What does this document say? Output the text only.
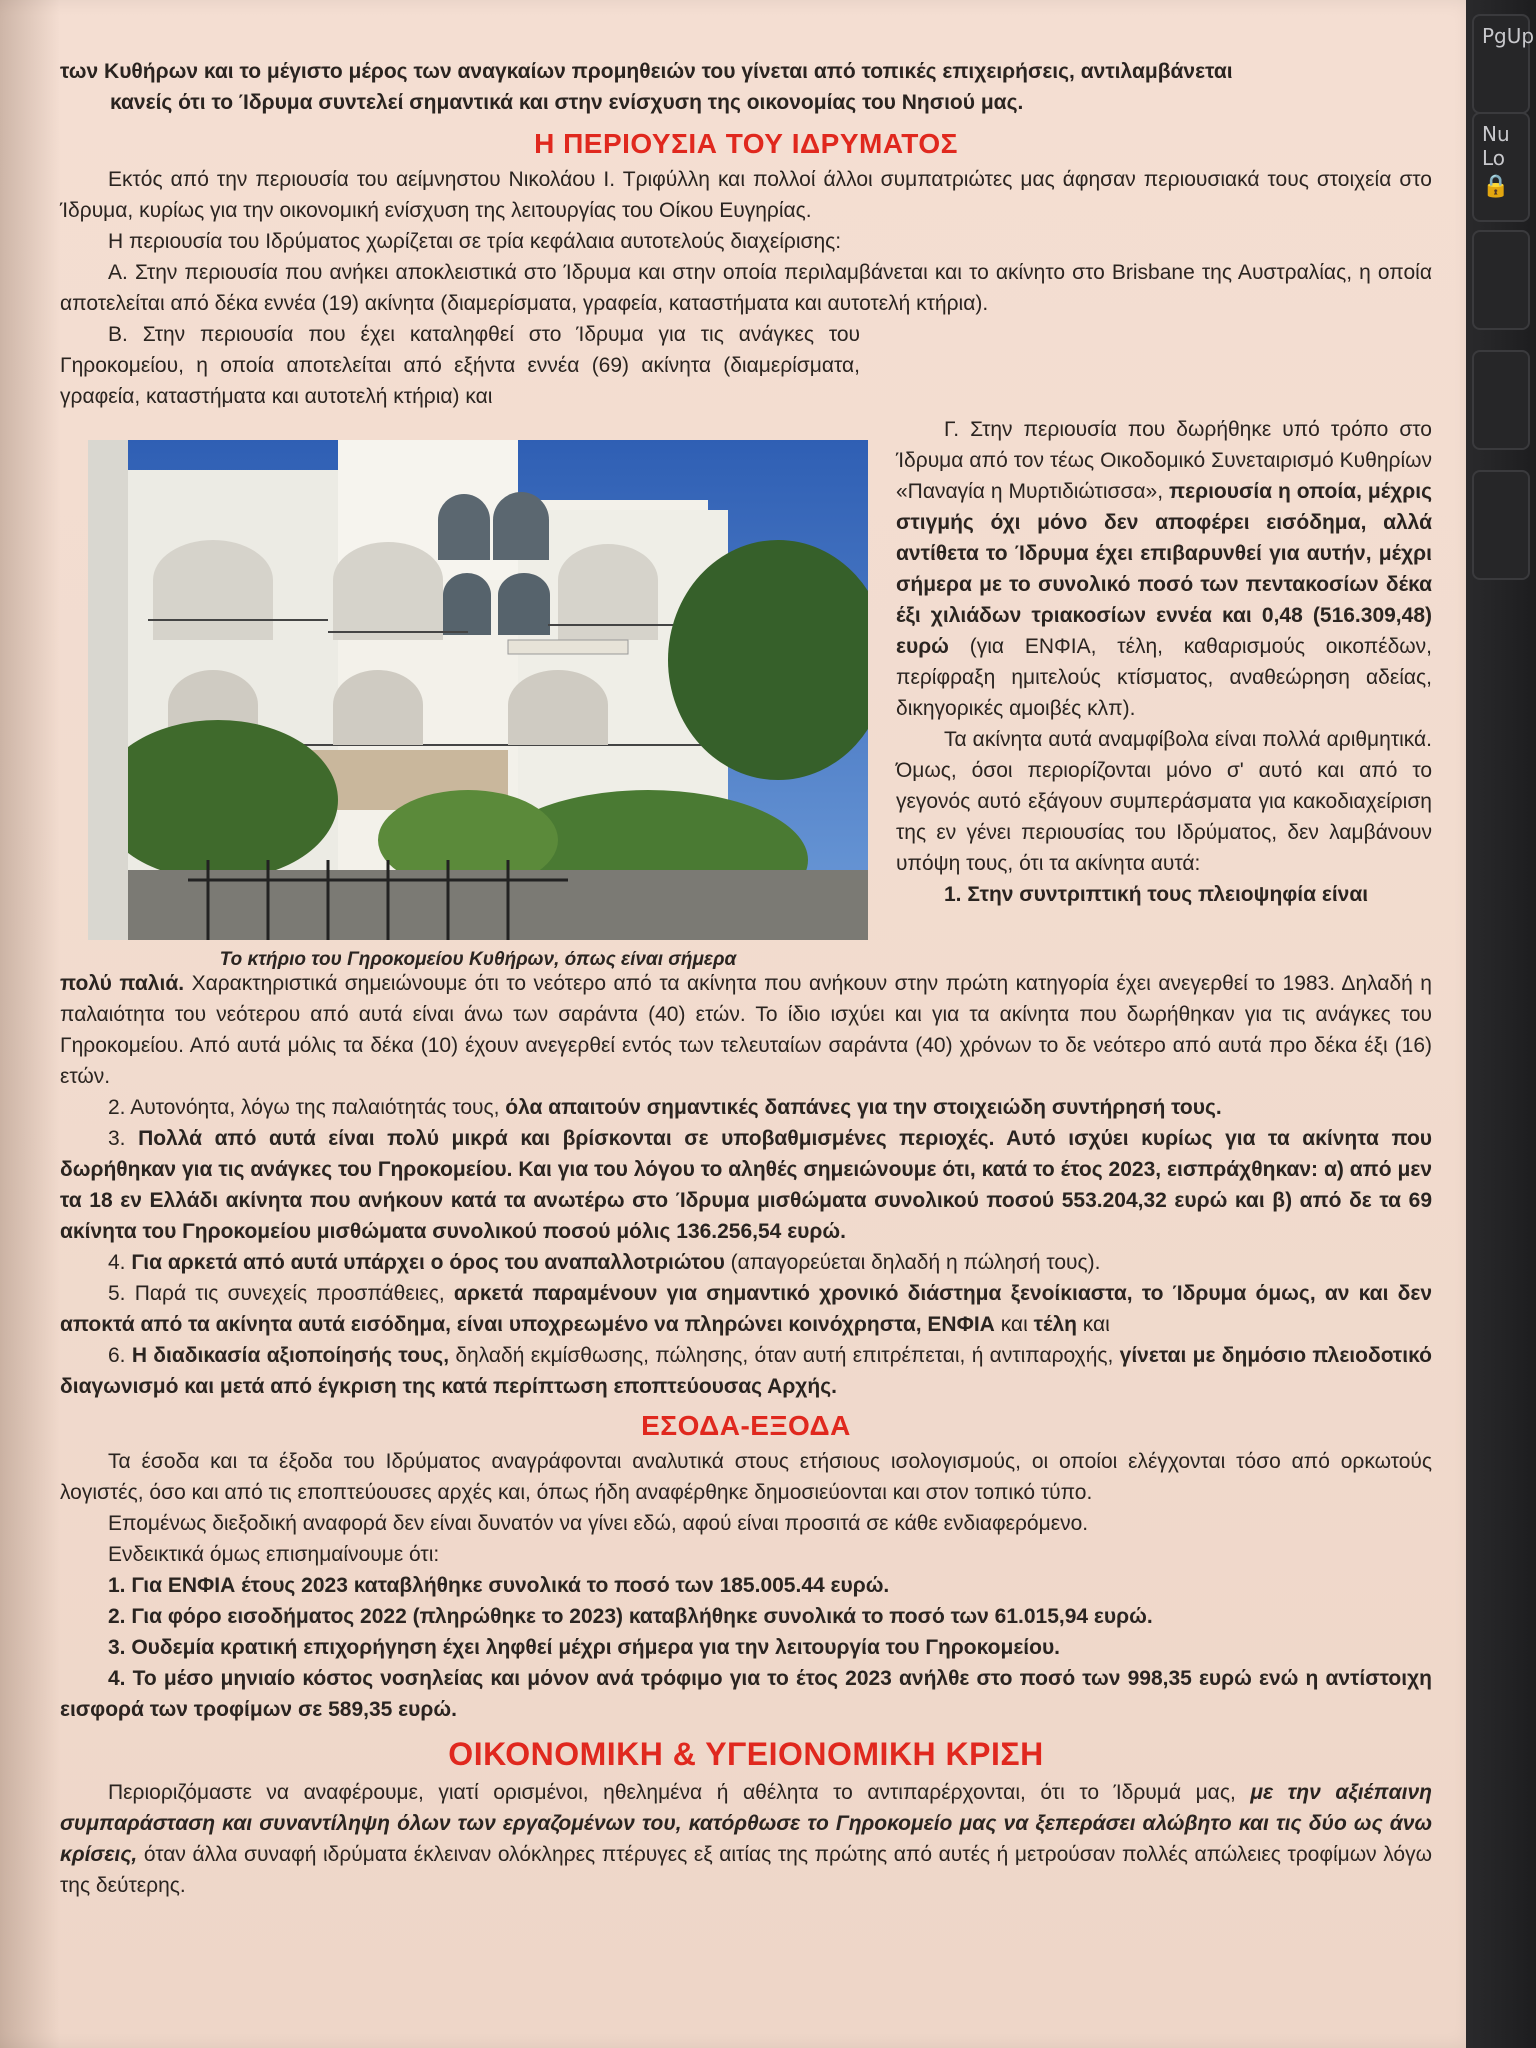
των Κυθήρων και το μέγιστο μέρος των αναγκαίων προμηθειών του γίνεται από τοπικές επιχειρήσεις, αντιλαμβάνεται

κανείς ότι το Ίδρυμα συντελεί σημαντικά και στην ενίσχυση της οικονομίας του Νησιού μας.

Η ΠΕΡΙΟΥΣΙΑ ΤΟΥ ΙΔΡΥΜΑΤΟΣ

Εκτός από την περιουσία του αείμνηστου Νικολάου Ι. Τριφύλλη και πολλοί άλλοι συμπατριώτες μας άφησαν περιουσιακά τους στοιχεία στο Ίδρυμα, κυρίως για την οικονομική ενίσχυση της λειτουργίας του Οίκου Ευγηρίας.

Η περιουσία του Ιδρύματος χωρίζεται σε τρία κεφάλαια αυτοτελούς διαχείρισης:

Α. Στην περιουσία που ανήκει αποκλειστικά στο Ίδρυμα και στην οποία περιλαμβάνεται και το ακίνητο στο Brisbane της Αυστραλίας, η οποία αποτελείται από δέκα εννέα (19) ακίνητα (διαμερίσματα, γραφεία, καταστήματα και αυτοτελή κτήρια).

Β. Στην περιουσία που έχει καταληφθεί στο Ίδρυμα για τις ανάγκες του Γηροκομείου, η οποία αποτελείται από εξήντα εννέα (69) ακίνητα (διαμερίσματα, γραφεία, καταστήματα και αυτοτελή κτήρια) και

Το κτήριο του Γηροκομείου Κυθήρων, όπως είναι σήμερα

Γ. Στην περιουσία που δωρήθηκε υπό τρόπο στο Ίδρυμα από τον τέως Οικοδομικό Συνεταιρισμό Κυθηρίων «Παναγία η Μυρτιδιώτισσα», περιουσία η οποία, μέχρις στιγμής όχι μόνο δεν αποφέρει εισόδημα, αλλά αντίθετα το Ίδρυμα έχει επιβαρυνθεί για αυτήν, μέχρι σήμερα με το συνολικό ποσό των πεντακοσίων δέκα έξι χιλιάδων τριακοσίων εννέα και 0,48 (516.309,48) ευρώ (για ΕΝΦΙΑ, τέλη, καθαρισμούς οικοπέδων, περίφραξη ημιτελούς κτίσματος, αναθεώρηση αδείας, δικηγορικές αμοιβές κλπ).

Τα ακίνητα αυτά αναμφίβολα είναι πολλά αριθμητικά. Όμως, όσοι περιορίζονται μόνο σ' αυτό και από το γεγονός αυτό εξάγουν συμπεράσματα για κακοδιαχείριση της εν γένει περιουσίας του Ιδρύματος, δεν λαμβάνουν υπόψη τους, ότι τα ακίνητα αυτά:

1. Στην συντριπτική τους πλειοψηφία είναι

πολύ παλιά. Χαρακτηριστικά σημειώνουμε ότι το νεότερο από τα ακίνητα που ανήκουν στην πρώτη κατηγορία έχει ανεγερθεί το 1983. Δηλαδή η παλαιότητα του νεότερου από αυτά είναι άνω των σαράντα (40) ετών. Το ίδιο ισχύει και για τα ακίνητα που δωρήθηκαν για τις ανάγκες του Γηροκομείου. Από αυτά μόλις τα δέκα (10) έχουν ανεγερθεί εντός των τελευταίων σαράντα (40) χρόνων το δε νεότερο από αυτά προ δέκα έξι (16) ετών.

2. Αυτονόητα, λόγω της παλαιότητάς τους, όλα απαιτούν σημαντικές δαπάνες για την στοιχειώδη συντήρησή τους.

3. Πολλά από αυτά είναι πολύ μικρά και βρίσκονται σε υποβαθμισμένες περιοχές. Αυτό ισχύει κυρίως για τα ακίνητα που δωρήθηκαν για τις ανάγκες του Γηροκομείου. Και για του λόγου το αληθές σημειώνουμε ότι, κατά το έτος 2023, εισπράχθηκαν: α) από μεν τα 18 εν Ελλάδι ακίνητα που ανήκουν κατά τα ανωτέρω στο Ίδρυμα μισθώματα συνολικού ποσού 553.204,32 ευρώ και β) από δε τα 69 ακίνητα του Γηροκομείου μισθώματα συνολικού ποσού μόλις 136.256,54 ευρώ.

4. Για αρκετά από αυτά υπάρχει ο όρος του αναπαλλοτριώτου (απαγορεύεται δηλαδή η πώλησή τους).

5. Παρά τις συνεχείς προσπάθειες, αρκετά παραμένουν για σημαντικό χρονικό διάστημα ξενοίκιαστα, το Ίδρυμα όμως, αν και δεν αποκτά από τα ακίνητα αυτά εισόδημα, είναι υποχρεωμένο να πληρώνει κοινόχρηστα, ΕΝΦΙΑ και τέλη και

6. Η διαδικασία αξιοποίησής τους, δηλαδή εκμίσθωσης, πώλησης, όταν αυτή επιτρέπεται, ή αντιπαροχής, γίνεται με δημόσιο πλειοδοτικό διαγωνισμό και μετά από έγκριση της κατά περίπτωση εποπτεύουσας Αρχής.

ΕΣΟΔΑ-ΕΞΟΔΑ

Τα έσοδα και τα έξοδα του Ιδρύματος αναγράφονται αναλυτικά στους ετήσιους ισολογισμούς, οι οποίοι ελέγχονται τόσο από ορκωτούς λογιστές, όσο και από τις εποπτεύουσες αρχές και, όπως ήδη αναφέρθηκε δημοσιεύονται και στον τοπικό τύπο.

Επομένως διεξοδική αναφορά δεν είναι δυνατόν να γίνει εδώ, αφού είναι προσιτά σε κάθε ενδιαφερόμενο.

Ενδεικτικά όμως επισημαίνουμε ότι:

1. Για ΕΝΦΙΑ έτους 2023 καταβλήθηκε συνολικά το ποσό των 185.005.44 ευρώ.

2. Για φόρο εισοδήματος 2022 (πληρώθηκε το 2023) καταβλήθηκε συνολικά το ποσό των 61.015,94 ευρώ.

3. Ουδεμία κρατική επιχορήγηση έχει ληφθεί μέχρι σήμερα για την λειτουργία του Γηροκομείου.

4. Το μέσο μηνιαίο κόστος νοσηλείας και μόνον ανά τρόφιμο για το έτος 2023 ανήλθε στο ποσό των 998,35 ευρώ ενώ η αντίστοιχη εισφορά των τροφίμων σε 589,35 ευρώ.

ΟΙΚΟΝΟΜΙΚΗ & ΥΓΕΙΟΝΟΜΙΚΗ ΚΡΙΣΗ

Περιοριζόμαστε να αναφέρουμε, γιατί ορισμένοι, ηθελημένα ή αθέλητα το αντιπαρέρχονται, ότι το Ίδρυμά μας, με την αξιέπαινη συμπαράσταση και συναντίληψη όλων των εργαζομένων του, κατόρθωσε το Γηροκομείο μας να ξεπεράσει αλώβητο και τις δύο ως άνω κρίσεις, όταν άλλα συναφή ιδρύματα έκλειναν ολόκληρες πτέρυγες εξ αιτίας της πρώτης από αυτές ή μετρούσαν πολλές απώλειες τροφίμων λόγω της δεύτερης.

PgUp
Nu Lo
🔒
